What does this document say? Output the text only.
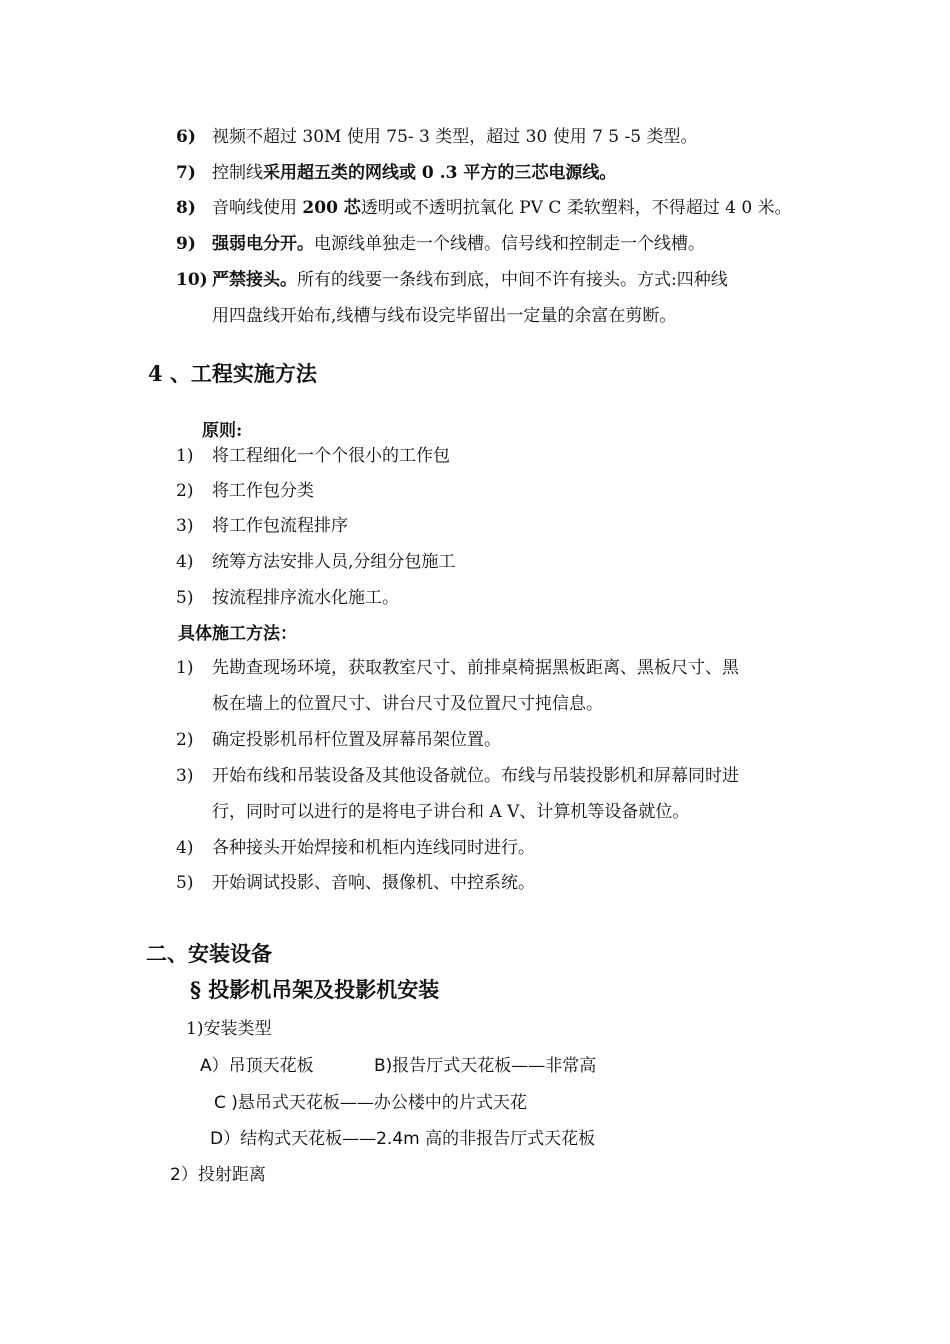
6) 视频不超过 30M 使用 75- 3 类型，超过 30 使用 7 5 -5 类型。
7) 控制线采用超五类的网线或 0 .3 平方的三芯电源线。
8) 音响线使用 200 芯透明或不透明抗氧化 PV C 柔软塑料，不得超过 4 0 米。
9) 强弱电分开。电源线单独走一个线槽。信号线和控制走一个线槽。
10) 严禁接头。所有的线要一条线布到底，中间不许有接头。方式:四种线
用四盘线开始布,线槽与线布设完毕留出一定量的余富在剪断。
4 、工程实施方法
原则:
1) 将工程细化一个个很小的工作包
2) 将工作包分类
3) 将工作包流程排序
4) 统筹方法安排人员,分组分包施工
5) 按流程排序流水化施工。
具体施工方法：
1) 先勘查现场环境，获取教室尺寸、前排桌椅据黑板距离、黑板尺寸、黑
板在墙上的位置尺寸、讲台尺寸及位置尺寸扽信息。
2) 确定投影机吊杆位置及屏幕吊架位置。
3) 开始布线和吊装设备及其他设备就位。布线与吊装投影机和屏幕同时进
行，同时可以进行的是将电子讲台和 A V、计算机等设备就位。
4) 各种接头开始焊接和机柜内连线同时进行。
5) 开始调试投影、音响、摄像机、中控系统。
二、安装设备
§ 投影机吊架及投影机安装
1)安装类型
A）吊顶天花板	B)报告厅式天花板——非常高
C )悬吊式天花板——办公楼中的片式天花
D）结构式天花板——2.4m 高的非报告厅式天花板
2）投射距离
